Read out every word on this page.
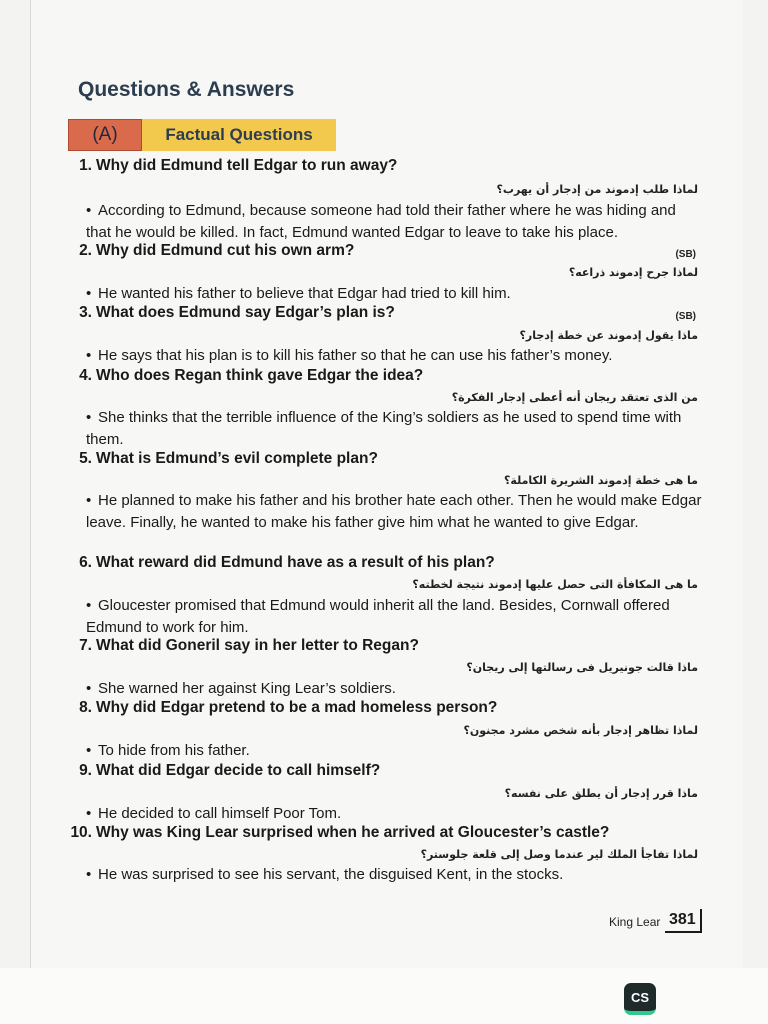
Questions & Answers
(A)	Factual Questions
1. Why did Edmund tell Edgar to run away?
لماذا طلب إدموند من إدجار أن يهرب؟
• According to Edmund, because someone had told their father where he was hiding and that he would be killed. In fact, Edmund wanted Edgar to leave to take his place.
2. Why did Edmund cut his own arm?	(SB)
لماذا جرح إدموند ذراعه؟
• He wanted his father to believe that Edgar had tried to kill him.
3. What does Edmund say Edgar’s plan is?	(SB)
ماذا يقول إدموند عن خطة إدجار؟
• He says that his plan is to kill his father so that he can use his father’s money.
4. Who does Regan think gave Edgar the idea?
من الذى تعتقد ريجان أنه أعطى إدجار الفكرة؟
• She thinks that the terrible influence of the King’s soldiers as he used to spend time with them.
5. What is Edmund’s evil complete plan?
ما هى خطة إدموند الشريرة الكاملة؟
• He planned to make his father and his brother hate each other. Then he would make Edgar leave. Finally, he wanted to make his father give him what he wanted to give Edgar.
6. What reward did Edmund have as a result of his plan?
ما هى المكافأة التى حصل عليها إدموند نتيجة لخطته؟
• Gloucester promised that Edmund would inherit all the land. Besides, Cornwall offered Edmund to work for him.
7. What did Goneril say in her letter to Regan?
ماذا قالت جونيريل فى رسالتها إلى ريجان؟
• She warned her against King Lear’s soldiers.
8. Why did Edgar pretend to be a mad homeless person?
لماذا تظاهر إدجار بأنه شخص مشرد مجنون؟
• To hide from his father.
9. What did Edgar decide to call himself?
ماذا قرر إدجار أن يطلق على نفسه؟
• He decided to call himself Poor Tom.
10. Why was King Lear surprised when he arrived at Gloucester’s castle?
لماذا تفاجأ الملك لير عندما وصل إلى قلعة جلوستر؟
• He was surprised to see his servant, the disguised Kent, in the stocks.
King Lear 381
CS
